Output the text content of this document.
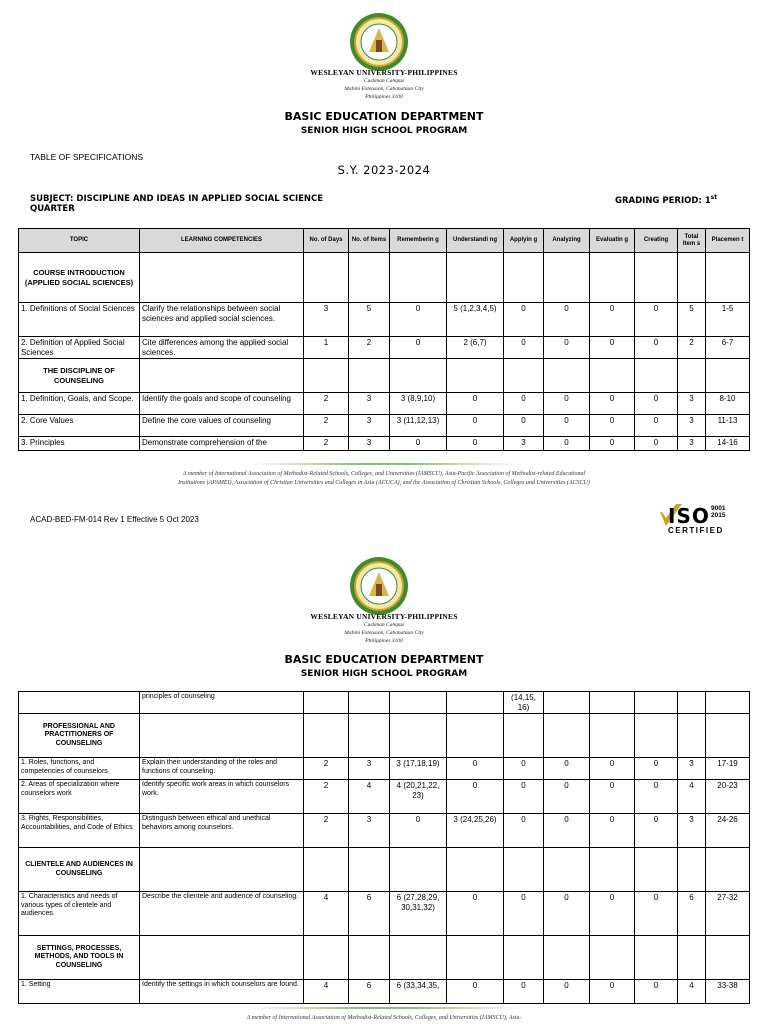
WESLEYAN UNIVERSITY-PHILIPPINES
Cushman Campus
Mabini Extension, Cabanatuan City
Philippines 3100
BASIC EDUCATION DEPARTMENT
SENIOR HIGH SCHOOL PROGRAM
TABLE OF SPECIFICATIONS
S.Y. 2023-2024
SUBJECT: DISCIPLINE AND IDEAS IN APPLIED SOCIAL SCIENCE
QUARTER
GRADING PERIOD: 1st
TOPIC	LEARNING COMPETENCIES	No. of Days	No. of Items	Rememberin g	Understandi ng	Applyin g	Analyzing	Evaluatin g	Creating	Total Item s	Placemen t
COURSE INTRODUCTION (APPLIED SOCIAL SCIENCES)											
1. Definitions of Social Sciences	Clarify the relationships between social sciences and applied social sciences.	3	5	0	5 (1,2,3,4,5)	0	0	0	0	5	1-5
2. Definition of Applied Social Sciences	Cite differences among the applied social sciences.	1	2	0	2 (6,7)	0	0	0	0	2	6-7
THE DISCIPLINE OF COUNSELING											
1. Definition, Goals, and Scope.	Identify the goals and scope of counseling	2	3	3 (8,9,10)	0	0	0	0	0	3	8-10
2. Core Values	Define the core values of counseling	2	3	3 (11,12,13)	0	0	0	0	0	3	11-13
3. Principles	Demonstrate comprehension of the	2	3	0	0	3	0	0	0	3	14-16
A member of International Association of Methodist-Related Schools, Colleges, and Universities (IAMSCU), Asia-Pacific Association of Methodist-related Educational Institutions (APAMEI), Association of Christian Universities and Colleges in Asia (ACUCA), and the Association of Christian Schools, Colleges and Universities (ACSCU)
ACAD-BED-FM-014 Rev 1 Effective 5 Oct 2023	ISO 9001
2015
CERTIFIED
WESLEYAN UNIVERSITY-PHILIPPINES
Cushman Campus
Mabini Extension, Cabanatuan City
Philippines 3100
BASIC EDUCATION DEPARTMENT
SENIOR HIGH SCHOOL PROGRAM
	principles of counseling					(14,15, 16)					
PROFESSIONAL AND PRACTITIONERS OF COUNSELING											
1. Roles, functions, and competencies of counselors	Explain their understanding of the roles and functions of counseling.	2	3	3 (17,18,19)	0	0	0	0	0	3	17-19
2. Areas of specialization where counselors work	Identify specific work areas in which counselors work.	2	4	4 (20,21,22, 23)	0	0	0	0	0	4	20-23
3. Rights, Responsibilities, Accountabilities, and Code of Ethics	Distinguish between ethical and unethical behaviors among counselors.	2	3	0	3 (24,25,26)	0	0	0	0	3	24-26
CLIENTELE AND AUDIENCES IN COUNSELING											
1. Characteristics and needs of various types of clientele and audiences.	Describe the clientele and audience of counseling.	4	6	6 (27,28,29, 30,31,32)	0	0	0	0	0	6	27-32
SETTINGS, PROCESSES, METHODS, AND TOOLS IN COUNSELING											
1. Setting	Identify the settings in which counselors are found.	4	6	6 (33,34,35,	0	0	0	0	0	4	33-38
A member of International Association of Methodist-Related Schools, Colleges, and Universities (IAMSCU), Asia-
